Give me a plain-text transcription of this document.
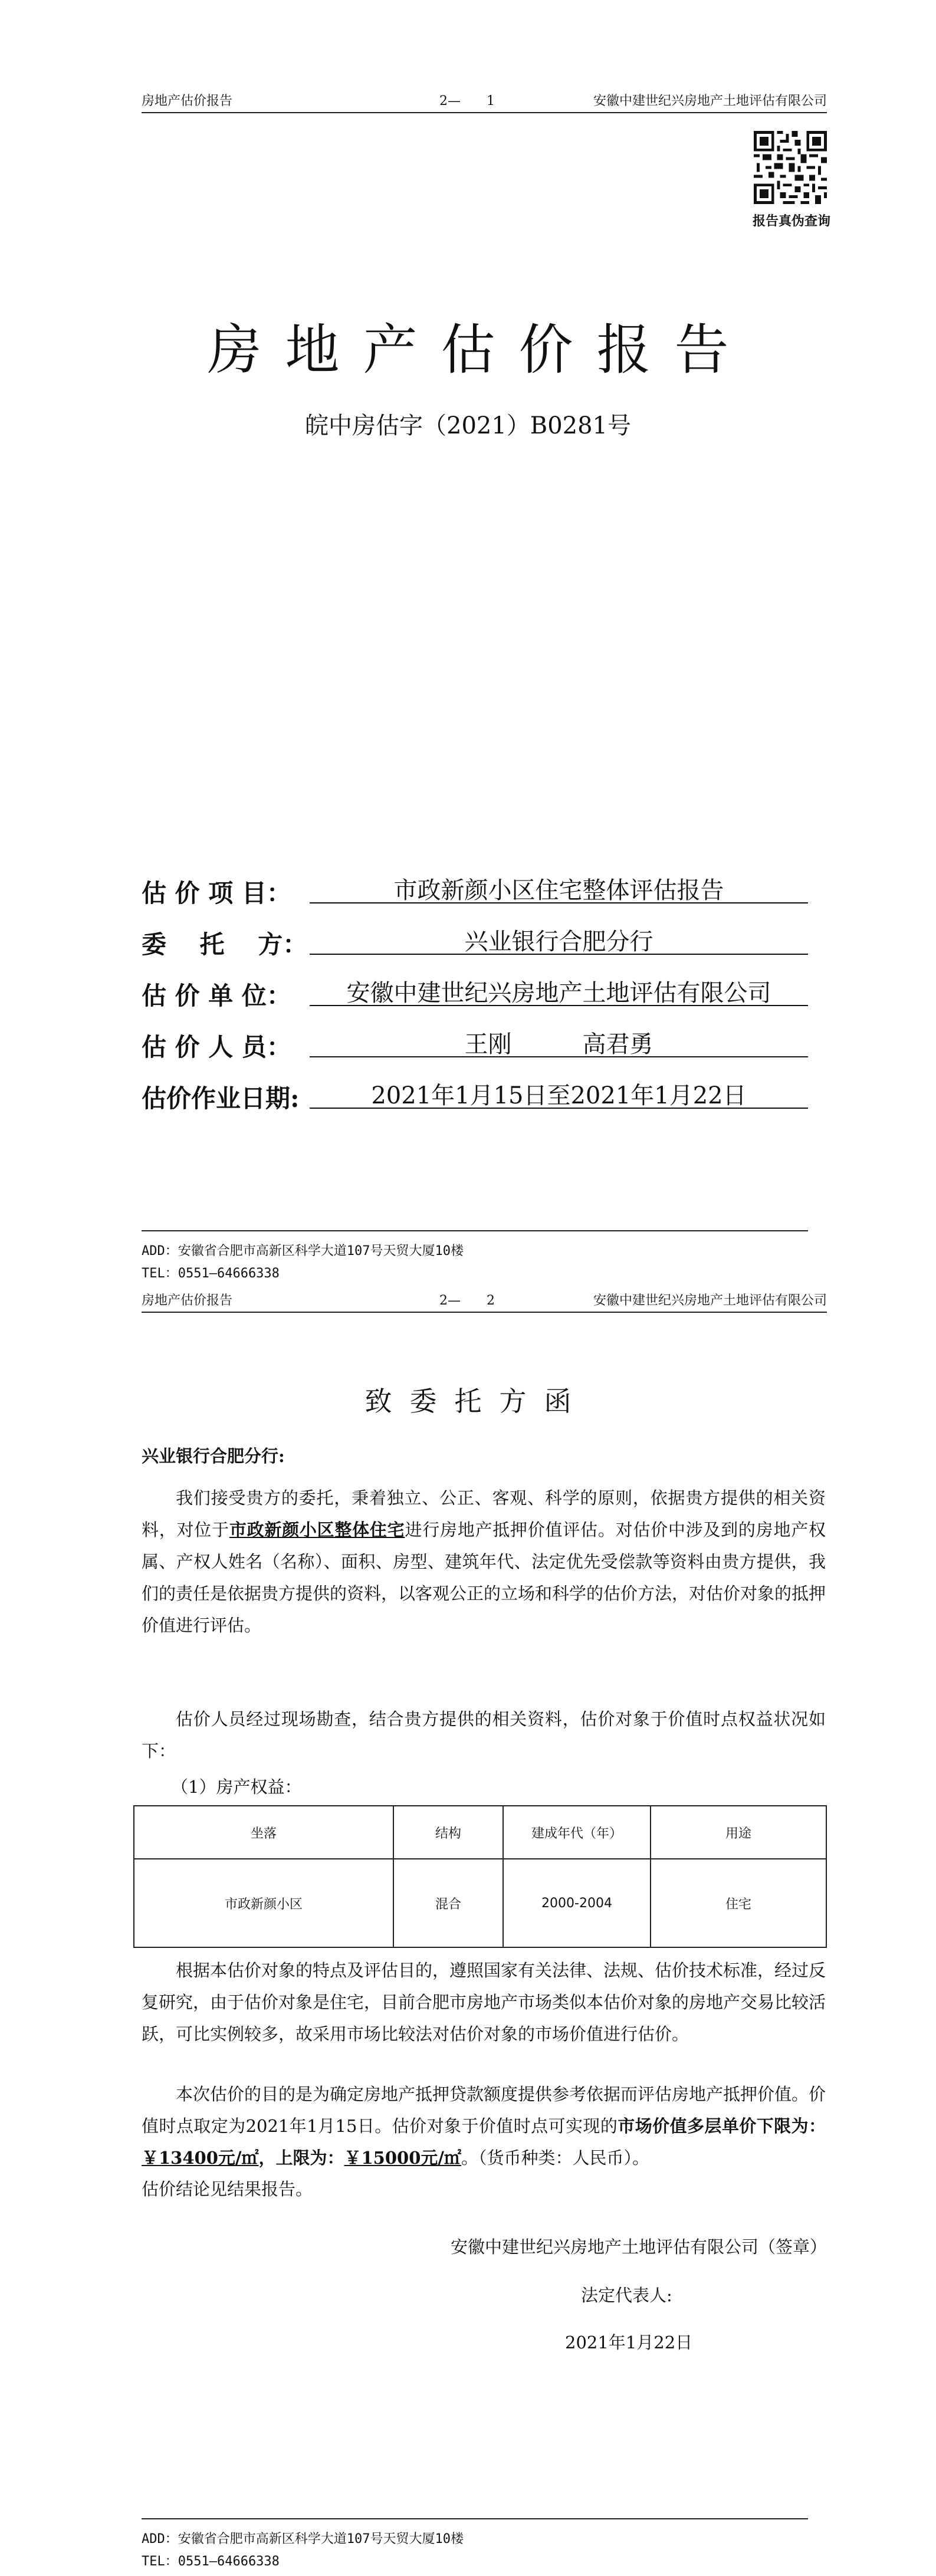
房地产估价报告	2—　　1	安徽中建世纪兴房地产土地评估有限公司
报告真伪查询
房地产估价报告
皖中房估字（2021）B0281号
估 价 项 目：	市政新颜小区住宅整体评估报告
委　 托　 方：	兴业银行合肥分行
估 价 单 位：	安徽中建世纪兴房地产土地评估有限公司
估 价 人 员：	王刚　　　高君勇
估价作业日期:	2021年1月15日至2021年1月22日
ADD：安徽省合肥市高新区科学大道107号天贸大厦10楼
TEL：0551—64666338
房地产估价报告	2—　　2	安徽中建世纪兴房地产土地评估有限公司
致委托方函
兴业银行合肥分行:

我们接受贵方的委托，秉着独立、公正、客观、科学的原则，依据贵方提供的相关资料，对位于市政新颜小区整体住宅进行房地产抵押价值评估。对估价中涉及到的房地产权属、产权人姓名（名称）、面积、房型、建筑年代、法定优先受偿款等资料由贵方提供，我们的责任是依据贵方提供的资料，以客观公正的立场和科学的估价方法，对估价对象的抵押价值进行评估。

估价人员经过现场勘查，结合贵方提供的相关资料，估价对象于价值时点权益状况如下：

（1）房产权益：
坐落	结构	建成年代（年）	用途
市政新颜小区	混合	2000-2004	住宅

根据本估价对象的特点及评估目的，遵照国家有关法律、法规、估价技术标准，经过反复研究，由于估价对象是住宅，目前合肥市房地产市场类似本估价对象的房地产交易比较活跃，可比实例较多，故采用市场比较法对估价对象的市场价值进行估价。

本次估价的目的是为确定房地产抵押贷款额度提供参考依据而评估房地产抵押价值。价值时点取定为2021年1月15日。估价对象于价值时点可实现的市场价值多层单价下限为：￥13400元/㎡，上限为：￥15000元/㎡。（货币种类：人民币）。

估价结论见结果报告。
安徽中建世纪兴房地产土地评估有限公司（签章）
法定代表人:
2021年1月22日
ADD：安徽省合肥市高新区科学大道107号天贸大厦10楼
TEL：0551—64666338
